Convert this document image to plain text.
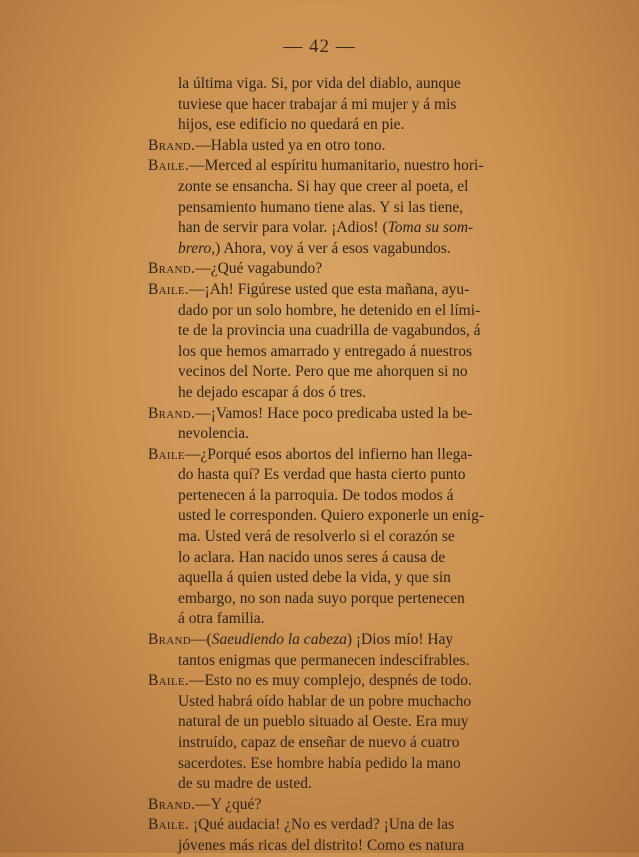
— 42 —
la última viga. Si, por vida del diablo, aunque
tuviese que hacer trabajar á mi mujer y á mis
hijos, ese edificio no quedará en pie.
Brand.—Habla usted ya en otro tono.
Baile.—Merced al espíritu humanitario, nuestro hori-
zonte se ensancha. Si hay que creer al poeta, el
pensamiento humano tiene alas. Y si las tiene,
han de servir para volar. ¡Adios! (Toma su som-
brero,) Ahora, voy á ver á esos vagabundos.
Brand.—¿Qué vagabundo?
Baile.—¡Ah! Figúrese usted que esta mañana, ayu-
dado por un solo hombre, he detenido en el lími-
te de la provincia una cuadrilla de vagabundos, á
los que hemos amarrado y entregado á nuestros
vecinos del Norte. Pero que me ahorquen si no
he dejado escapar á dos ó tres.
Brand.—¡Vamos! Hace poco predicaba usted la be-
nevolencia.
Baile—¿Porqué esos abortos del infierno han llega-
do hasta quí? Es verdad que hasta cierto punto
pertenecen á la parroquia. De todos modos á
usted le corresponden. Quiero exponerle un enig-
ma. Usted verá de resolverlo si el corazón se
lo aclara. Han nacido unos seres á causa de
aquella á quien usted debe la vida, y que sin
embargo, no son nada suyo porque pertenecen
á otra familia.
Brand—(Saeudiendo la cabeza) ¡Dios mío! Hay
tantos enigmas que permanecen indescifrables.
Baile.—Esto no es muy complejo, despnés de todo.
Usted habrá oído hablar de un pobre muchacho
natural de un pueblo situado al Oeste. Era muy
instruído, capaz de enseñar de nuevo á cuatro
sacerdotes. Ese hombre había pedido la mano
de su madre de usted.
Brand.—Y ¿qué?
Baile. ¡Qué audacia! ¿No es verdad? ¡Una de las
jóvenes más ricas del distrito! Como es natura
